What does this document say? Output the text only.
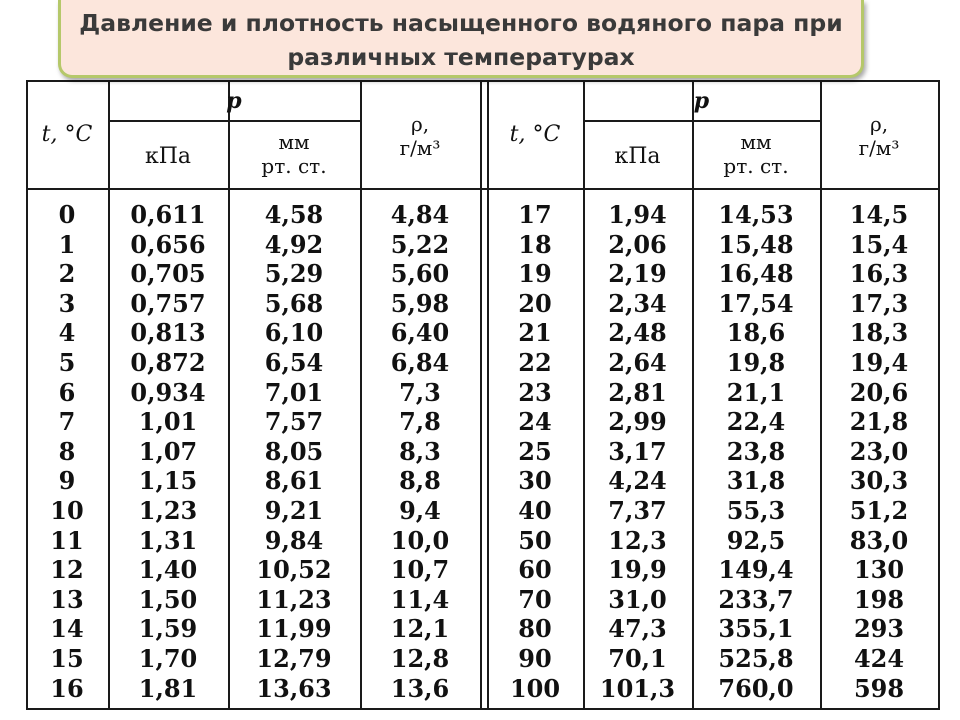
Давление и плотность насыщенного водяного пара при
различных температурах
t, °C
p
кПа
мм
рт. ст.
ρ,
г/м³
t, °C
p
кПа
мм
рт. ст.
ρ,
г/м³
0
1
2
3
4
5
6
7
8
9
10
11
12
13
14
15
16
0,611
0,656
0,705
0,757
0,813
0,872
0,934
1,01
1,07
1,15
1,23
1,31
1,40
1,50
1,59
1,70
1,81
4,58
4,92
5,29
5,68
6,10
6,54
7,01
7,57
8,05
8,61
9,21
9,84
10,52
11,23
11,99
12,79
13,63
4,84
5,22
5,60
5,98
6,40
6,84
7,3
7,8
8,3
8,8
9,4
10,0
10,7
11,4
12,1
12,8
13,6
17
18
19
20
21
22
23
24
25
30
40
50
60
70
80
90
100
1,94
2,06
2,19
2,34
2,48
2,64
2,81
2,99
3,17
4,24
7,37
12,3
19,9
31,0
47,3
70,1
101,3
14,53
15,48
16,48
17,54
18,6
19,8
21,1
22,4
23,8
31,8
55,3
92,5
149,4
233,7
355,1
525,8
760,0
14,5
15,4
16,3
17,3
18,3
19,4
20,6
21,8
23,0
30,3
51,2
83,0
130
198
293
424
598
